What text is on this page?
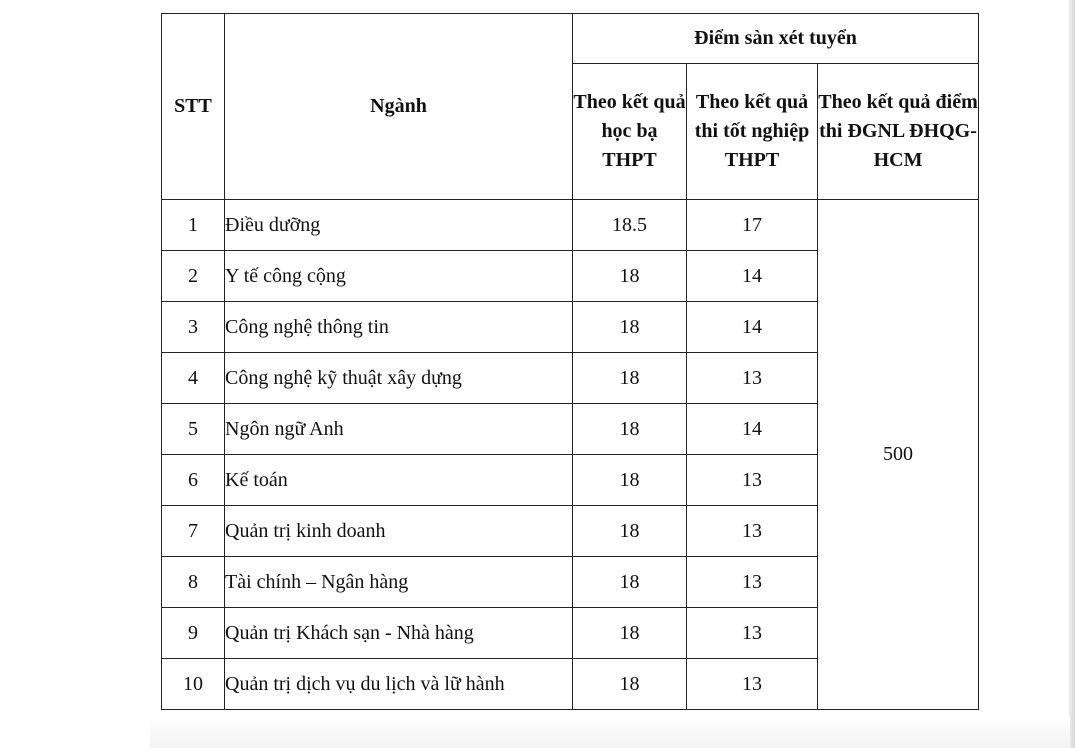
STT	Ngành	Điểm sàn xét tuyển		
		Theo kết quả học bạ THPT	Theo kết quả thi tốt nghiệp THPT	Theo kết quả điểm thi ĐGNL ĐHQG-HCM
1	Điều dưỡng	18.5	17	500
2	Y tế công cộng	18	14	
3	Công nghệ thông tin	18	14	
4	Công nghệ kỹ thuật xây dựng	18	13	
5	Ngôn ngữ Anh	18	14	
6	Kế toán	18	13	
7	Quản trị kinh doanh	18	13	
8	Tài chính – Ngân hàng	18	13	
9	Quản trị Khách sạn - Nhà hàng	18	13	
10	Quản trị dịch vụ du lịch và lữ hành	18	13	
